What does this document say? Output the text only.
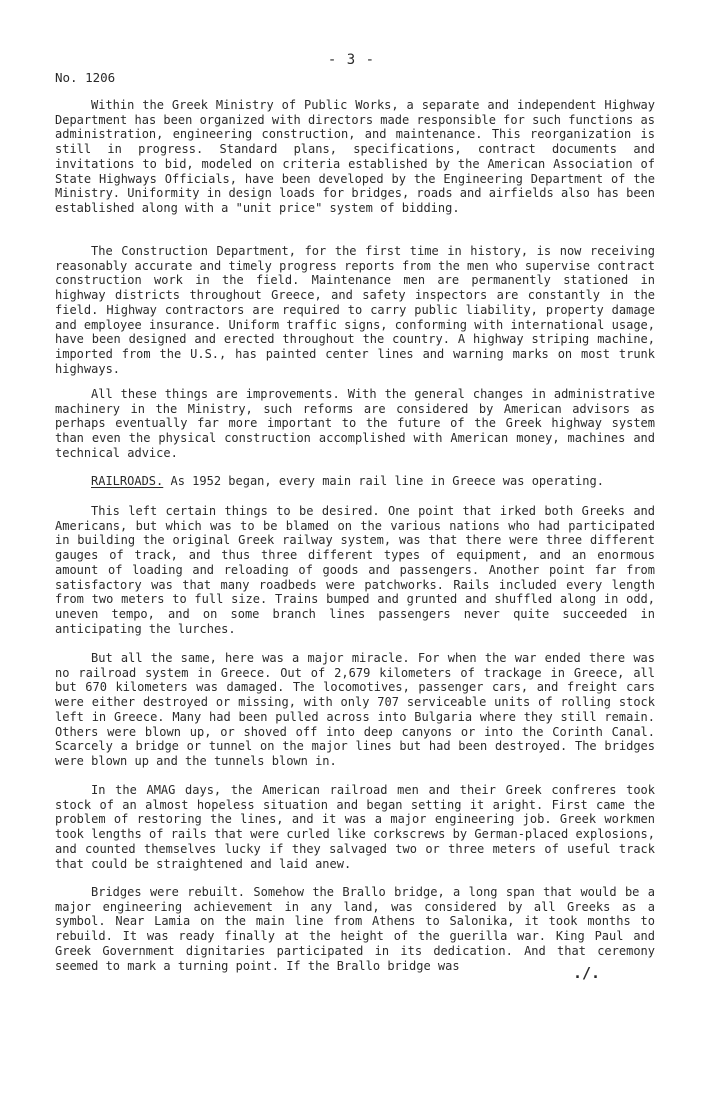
- 3 -
No. 1206

Within the Greek Ministry of Public Works, a separate and independent Highway Department has been organized with directors made responsible for such functions as administration, engineering construction, and maintenance. This reorganization is still in progress. Standard plans, specifications, contract documents and invitations to bid, modeled on criteria established by the American Association of State Highways Officials, have been developed by the Engineering Department of the Ministry. Uniformity in design loads for bridges, roads and airfields also has been established along with a "unit price" system of bidding.

The Construction Department, for the first time in history, is now receiving reasonably accurate and timely progress reports from the men who supervise contract construction work in the field. Maintenance men are permanently stationed in highway districts throughout Greece, and safety inspectors are constantly in the field. Highway contractors are required to carry public liability, property damage and employee insurance. Uniform traffic signs, conforming with international usage, have been designed and erected throughout the country. A highway striping machine, imported from the U.S., has painted center lines and warning marks on most trunk highways.

All these things are improvements. With the general changes in administrative machinery in the Ministry, such reforms are considered by American advisors as perhaps eventually far more important to the future of the Greek highway system than even the physical construction accomplished with American money, machines and technical advice.

RAILROADS. As 1952 began, every main rail line in Greece was operating.

This left certain things to be desired. One point that irked both Greeks and Americans, but which was to be blamed on the various nations who had participated in building the original Greek railway system, was that there were three different gauges of track, and thus three different types of equipment, and an enormous amount of loading and reloading of goods and passengers. Another point far from satisfactory was that many roadbeds were patchworks. Rails included every length from two meters to full size. Trains bumped and grunted and shuffled along in odd, uneven tempo, and on some branch lines passengers never quite succeeded in anticipating the lurches.

But all the same, here was a major miracle. For when the war ended there was no railroad system in Greece. Out of 2,679 kilometers of trackage in Greece, all but 670 kilometers was damaged. The locomotives, passenger cars, and freight cars were either destroyed or missing, with only 707 serviceable units of rolling stock left in Greece. Many had been pulled across into Bulgaria where they still remain. Others were blown up, or shoved off into deep canyons or into the Corinth Canal. Scarcely a bridge or tunnel on the major lines but had been destroyed. The bridges were blown up and the tunnels blown in.

In the AMAG days, the American railroad men and their Greek confreres took stock of an almost hopeless situation and began setting it aright. First came the problem of restoring the lines, and it was a major engineering job. Greek workmen took lengths of rails that were curled like corkscrews by German-placed explosions, and counted themselves lucky if they salvaged two or three meters of useful track that could be straightened and laid anew.

Bridges were rebuilt. Somehow the Brallo bridge, a long span that would be a major engineering achievement in any land, was considered by all Greeks as a symbol. Near Lamia on the main line from Athens to Salonika, it took months to rebuild. It was ready finally at the height of the guerilla war. King Paul and Greek Government dignitaries participated in its dedication. And that ceremony seemed to mark a turning point. If the Brallo bridge was	./.
